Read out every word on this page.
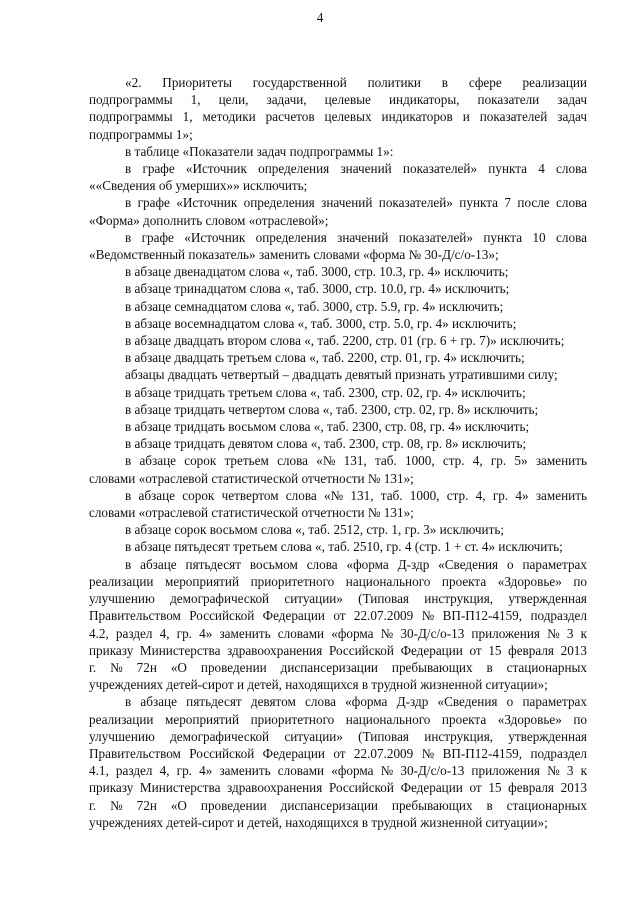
4
«2.    Приоритеты    государственной    политики    в    сфере    реализации
подпрограммы  1,  цели,  задачи,  целевые  индикаторы,  показатели  задач
подпрограммы 1, методики расчетов целевых индикаторов и показателей задач
подпрограммы 1»;
в таблице «Показатели задач подпрограммы 1»:
в  графе  «Источник  определения  значений  показателей»  пункта  4  слова
««Сведения об умерших»» исключить;
в графе «Источник определения значений показателей» пункта 7 после слова
«Форма» дополнить словом «отраслевой»;
в  графе  «Источник  определения  значений  показателей»  пункта  10  слова
«Ведомственный показатель» заменить словами «форма № 30-Д/с/о-13»;
в абзаце двенадцатом слова «, таб. 3000, стр. 10.3, гр. 4» исключить;
в абзаце тринадцатом слова «, таб. 3000, стр. 10.0, гр. 4» исключить;
в абзаце семнадцатом слова «, таб. 3000, стр. 5.9, гр. 4» исключить;
в абзаце восемнадцатом слова «, таб. 3000, стр. 5.0, гр. 4» исключить;
в абзаце двадцать втором слова «, таб. 2200, стр. 01 (гр. 6 + гр. 7)» исключить;
в абзаце двадцать третьем слова «, таб. 2200, стр. 01, гр. 4» исключить;
абзацы двадцать четвертый – двадцать девятый признать утратившими силу;
в абзаце тридцать третьем слова «, таб. 2300, стр. 02, гр. 4» исключить;
в абзаце тридцать четвертом слова «, таб. 2300, стр. 02, гр. 8» исключить;
в абзаце тридцать восьмом слова «, таб. 2300, стр. 08, гр. 4» исключить;
в абзаце тридцать девятом слова «, таб. 2300, стр. 08, гр. 8» исключить;
в  абзаце  сорок  третьем  слова  «№  131,  таб.  1000,  стр.  4,  гр.  5»  заменить
словами «отраслевой статистической отчетности № 131»;
в  абзаце  сорок  четвертом  слова  «№  131,  таб.  1000,  стр.  4,  гр.  4»  заменить
словами «отраслевой статистической отчетности № 131»;
в абзаце сорок восьмом слова «, таб. 2512, стр. 1, гр. 3» исключить;
в абзаце пятьдесят третьем слова «, таб. 2510, гр. 4 (стр. 1 + ст. 4» исключить;
в  абзаце  пятьдесят  восьмом  слова  «форма  Д-здр  «Сведения  о  параметрах
реализации  мероприятий  приоритетного  национального  проекта  «Здоровье»  по
улучшению  демографической  ситуации»  (Типовая  инструкция,  утвержденная
Правительством Российской Федерации от 22.07.2009 № ВП-П12-4159, подраздел
4.2,  раздел  4,  гр.  4»  заменить  словами  «форма  №  30-Д/с/о-13  приложения  №  3  к
приказу Министерства здравоохранения Российской Федерации от 15 февраля 2013
г.  №  72н  «О  проведении  диспансеризации  пребывающих  в  стационарных
учреждениях детей-сирот и детей, находящихся в трудной жизненной ситуации»;
в  абзаце  пятьдесят  девятом  слова  «форма  Д-здр  «Сведения  о  параметрах
реализации  мероприятий  приоритетного  национального  проекта  «Здоровье»  по
улучшению  демографической  ситуации»  (Типовая  инструкция,  утвержденная
Правительством Российской Федерации от 22.07.2009 № ВП-П12-4159, подраздел
4.1,  раздел  4,  гр.  4»  заменить  словами  «форма  №  30-Д/с/о-13  приложения  №  3  к
приказу Министерства здравоохранения Российской Федерации от 15 февраля 2013
г.  №  72н  «О  проведении  диспансеризации  пребывающих  в  стационарных
учреждениях детей-сирот и детей, находящихся в трудной жизненной ситуации»;
